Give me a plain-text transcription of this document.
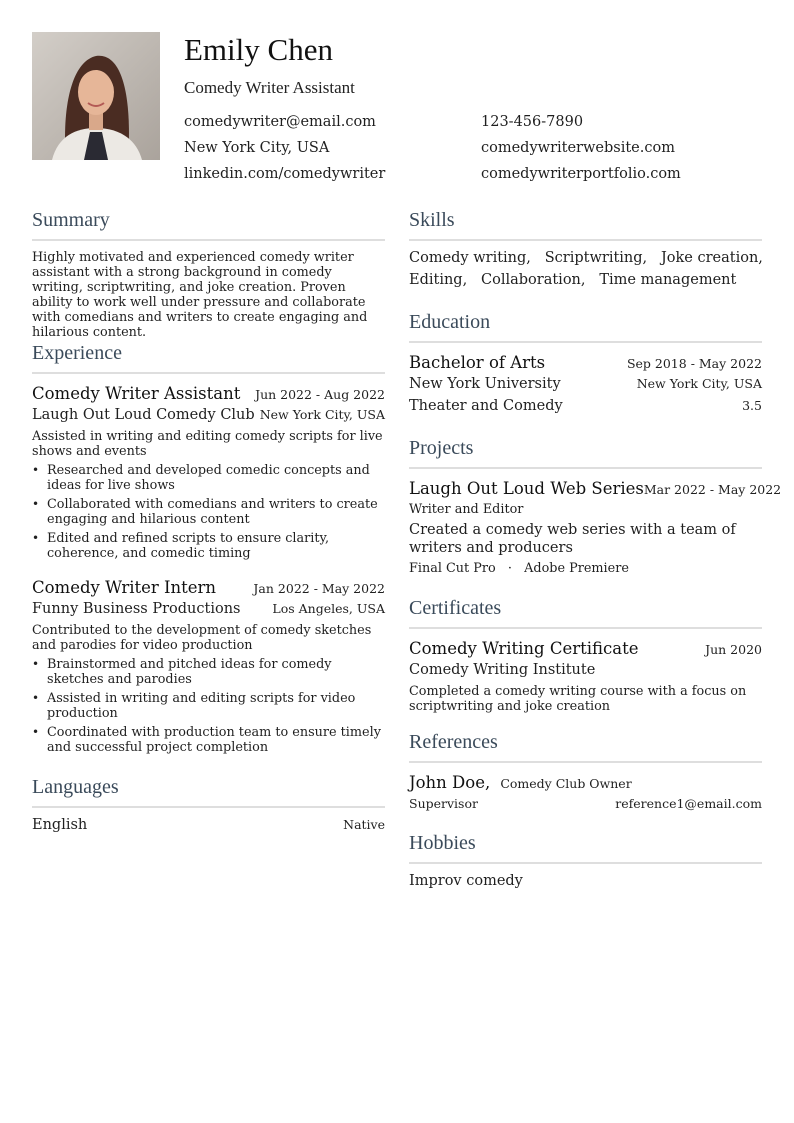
Emily Chen
Comedy Writer Assistant
comedywriter@email.com	123-456-7890
New York City, USA	comedywriterwebsite.com
linkedin.com/comedywriter	comedywriterportfolio.com
Summary
Highly motivated and experienced comedy writer assistant with a strong background in comedy writing, scriptwriting, and joke creation. Proven ability to work well under pressure and collaborate with comedians and writers to create engaging and hilarious content.
Experience
Comedy Writer Assistant Jun 2022 - Aug 2022
Laugh Out Loud Comedy Club New York City, USA
Assisted in writing and editing comedy scripts for live shows and events
• Researched and developed comedic concepts and ideas for live shows
• Collaborated with comedians and writers to create engaging and hilarious content
• Edited and refined scripts to ensure clarity, coherence, and comedic timing
Comedy Writer Intern	Jan 2022 - May 2022
Funny Business Productions	Los Angeles, USA
Contributed to the development of comedy sketches and parodies for video production
• Brainstormed and pitched ideas for comedy sketches and parodies
• Assisted in writing and editing scripts for video production
• Coordinated with production team to ensure timely and successful project completion
Languages
English	Native
Skills
Comedy writing,   Scriptwriting,   Joke creation,
Editing,   Collaboration,   Time management
Education
Bachelor of Arts	Sep 2018 - May 2022
New York University	New York City, USA
Theater and Comedy	3.5
Projects
Laugh Out Loud Web Series Mar 2022 - May 2022
Writer and Editor
Created a comedy web series with a team of writers and producers
Final Cut Pro   ·   Adobe Premiere
Certificates
Comedy Writing Certificate	Jun 2020
Comedy Writing Institute
Completed a comedy writing course with a focus on scriptwriting and joke creation
References
John Doe, Comedy Club Owner
Supervisor	reference1@email.com
Hobbies
Improv comedy
